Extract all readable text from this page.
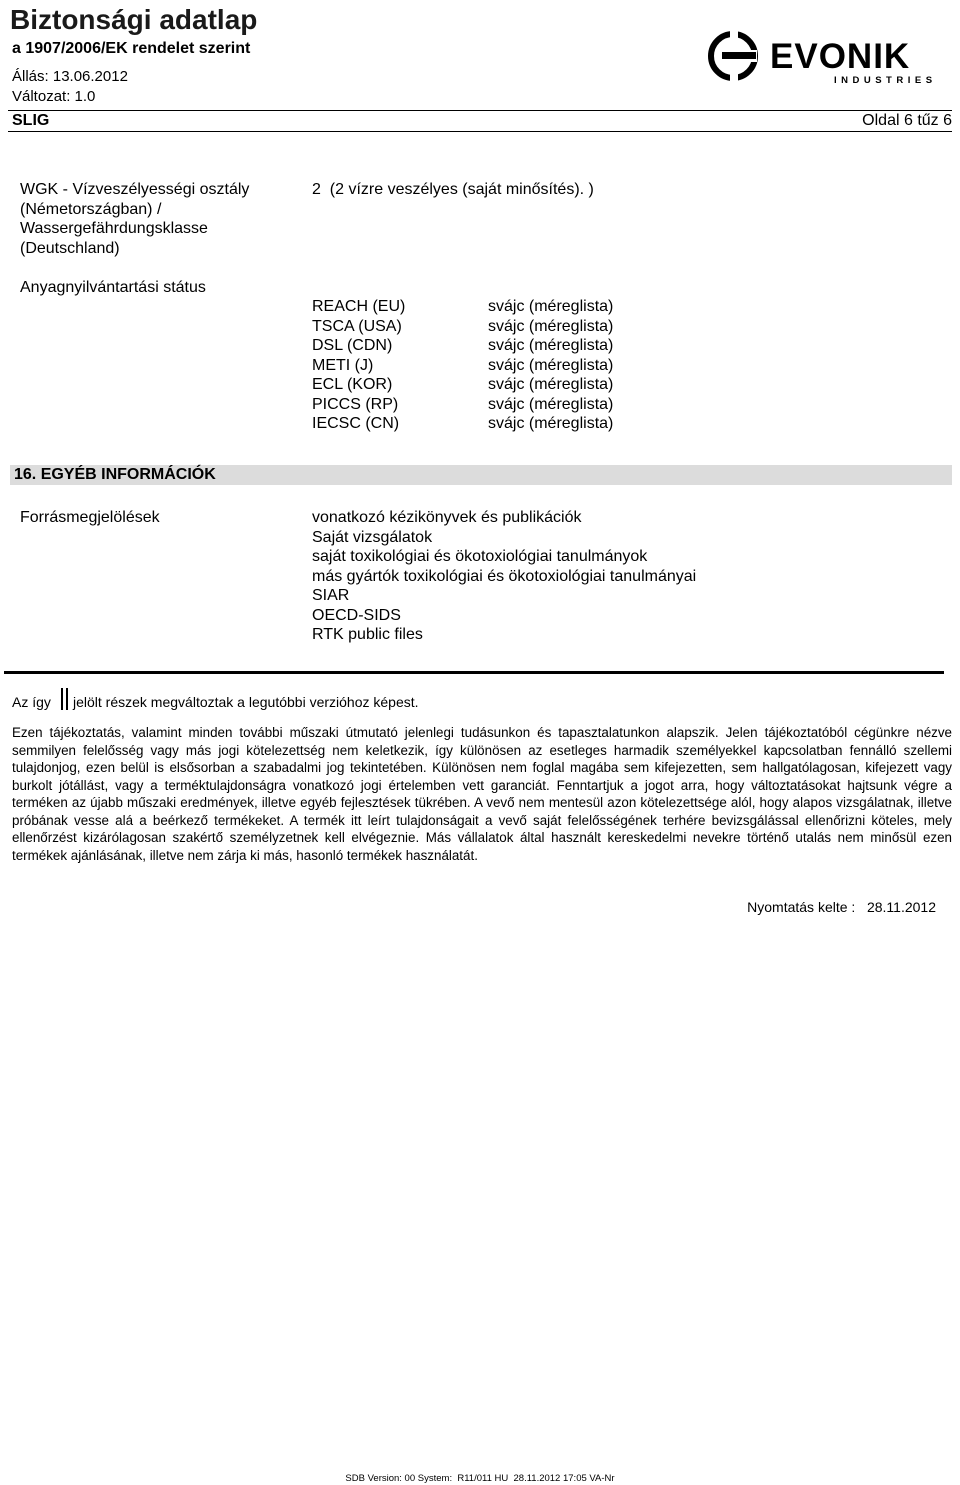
Biztonsági adatlap
a 1907/2006/EK rendelet szerint
Állás: 13.06.2012
Változat: 1.0
EVONIK
INDUSTRIES
SLIG	Oldal 6 tűz 6
WGK - Vízveszélyességi osztály
(Németországban) /
Wassergefährdungsklasse
(Deutschland)
2  (2 vízre veszélyes (saját minősítés). )
Anyagnyilvántartási státus
REACH (EU)
TSCA (USA)
DSL (CDN)
METI (J)
ECL (KOR)
PICCS (RP)
IECSC (CN)
svájc (méreglista)
svájc (méreglista)
svájc (méreglista)
svájc (méreglista)
svájc (méreglista)
svájc (méreglista)
svájc (méreglista)
16. EGYÉB INFORMÁCIÓK
Forrásmegjelölések	vonatkozó kézikönyvek és publikációk
Saját vizsgálatok
saját toxikológiai és ökotoxiológiai tanulmányok
más gyártók toxikológiai és ökotoxiológiai tanulmányai
SIAR
OECD-SIDS
RTK public files
Az így jelölt részek megváltoztak a legutóbbi verzióhoz képest.
Ezen tájékoztatás, valamint minden további műszaki útmutató jelenlegi tudásunkon és tapasztalatunkon alapszik. Jelen tájékoztatóból cégünkre nézve semmilyen felelősség vagy más jogi kötelezettség nem keletkezik, így különösen az esetleges harmadik személyekkel kapcsolatban fennálló szellemi tulajdonjog, ezen belül is elsősorban a szabadalmi jog tekintetében. Különösen nem foglal magába sem kifejezetten, sem hallgatólagosan, kifejezett vagy burkolt jótállást, vagy a terméktulajdonságra vonatkozó jogi értelemben vett garanciát. Fenntartjuk a jogot arra, hogy változtatásokat hajtsunk végre a terméken az újabb műszaki eredmények, illetve egyéb fejlesztések tükrében. A vevő nem mentesül azon kötelezettsége alól, hogy alapos vizsgálatnak, illetve próbának vesse alá a beérkező termékeket. A termék itt leírt tulajdonságait a vevő saját felelősségének terhére bevizsgálással ellenőrizni köteles, mely ellenőrzést kizárólagosan szakértő személyzetnek kell elvégeznie. Más vállalatok által használt kereskedelmi nevekre történő utalás nem minősül ezen termékek ajánlásának, illetve nem zárja ki más, hasonló termékek használatát.
Nyomtatás kelte :   28.11.2012
SDB Version: 00 System:  R11/011 HU  28.11.2012 17:05 VA-Nr
